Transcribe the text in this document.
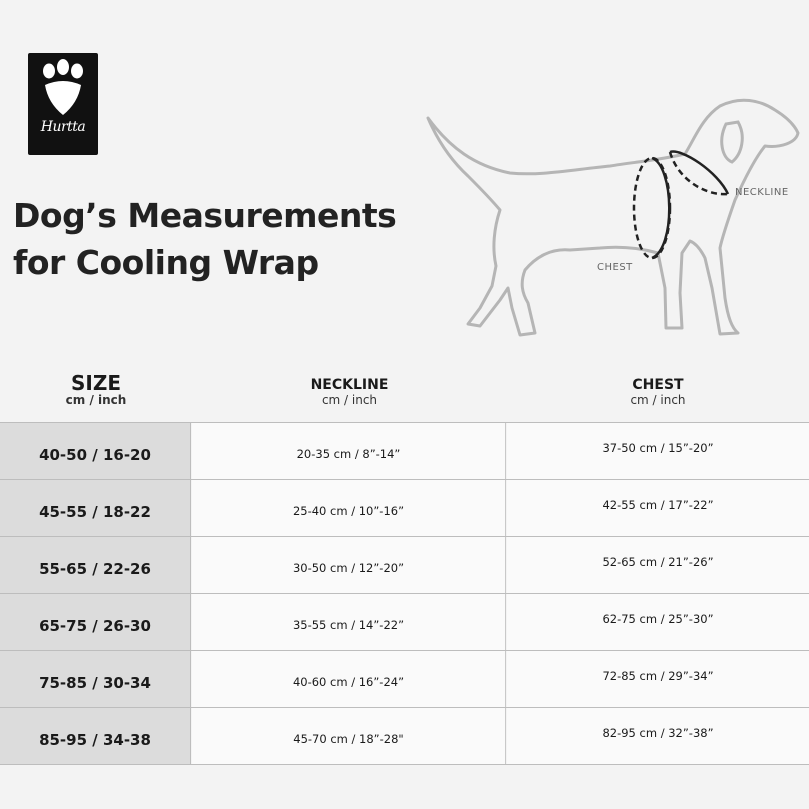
Hurtta
Dog’s Measurements
for Cooling Wrap
NECKLINE
CHEST
SIZE
cm / inch
NECKLINE
cm / inch
CHEST
cm / inch
40-50 / 16-20	20-35 cm / 8”-14”	37-50 cm / 15”-20”
45-55 / 18-22	25-40 cm / 10”-16”	42-55 cm / 17”-22”
55-65 / 22-26	30-50 cm / 12”-20”	52-65 cm / 21”-26”
65-75 / 26-30	35-55 cm / 14”-22”	62-75 cm / 25”-30”
75-85 / 30-34	40-60 cm / 16”-24”	72-85 cm / 29”-34”
85-95 / 34-38	45-70 cm / 18”-28"	82-95 cm / 32”-38”
